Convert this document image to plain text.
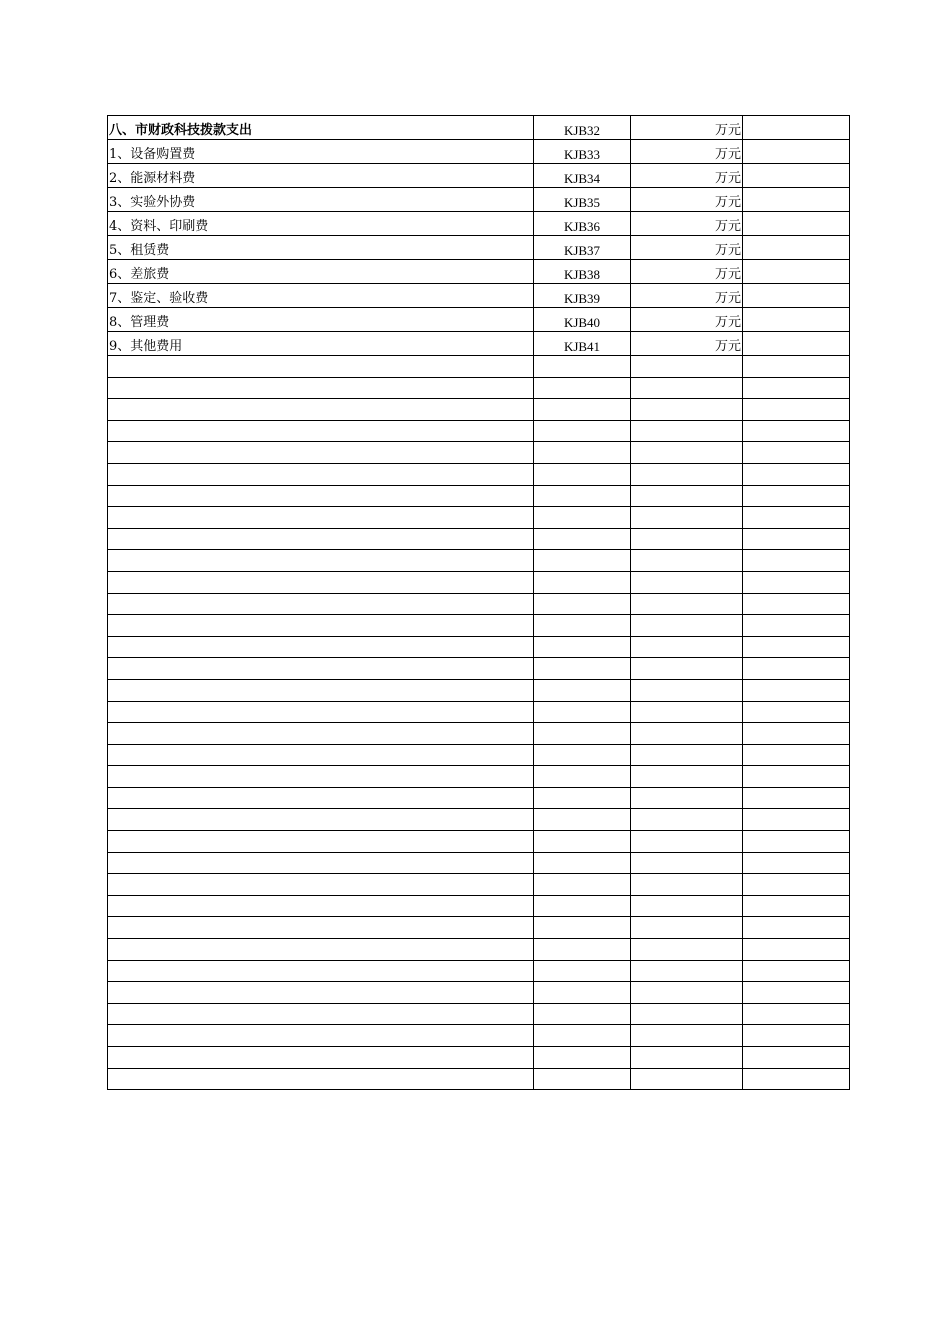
八、市财政科技拨款支出	KJB32	万元	
1、设备购置费	KJB33	万元	
2、能源材料费	KJB34	万元	
3、实验外协费	KJB35	万元	
4、资料、印刷费	KJB36	万元	
5、租赁费	KJB37	万元	
6、差旅费	KJB38	万元	
7、鉴定、验收费	KJB39	万元	
8、管理费	KJB40	万元	
9、其他费用	KJB41	万元	
